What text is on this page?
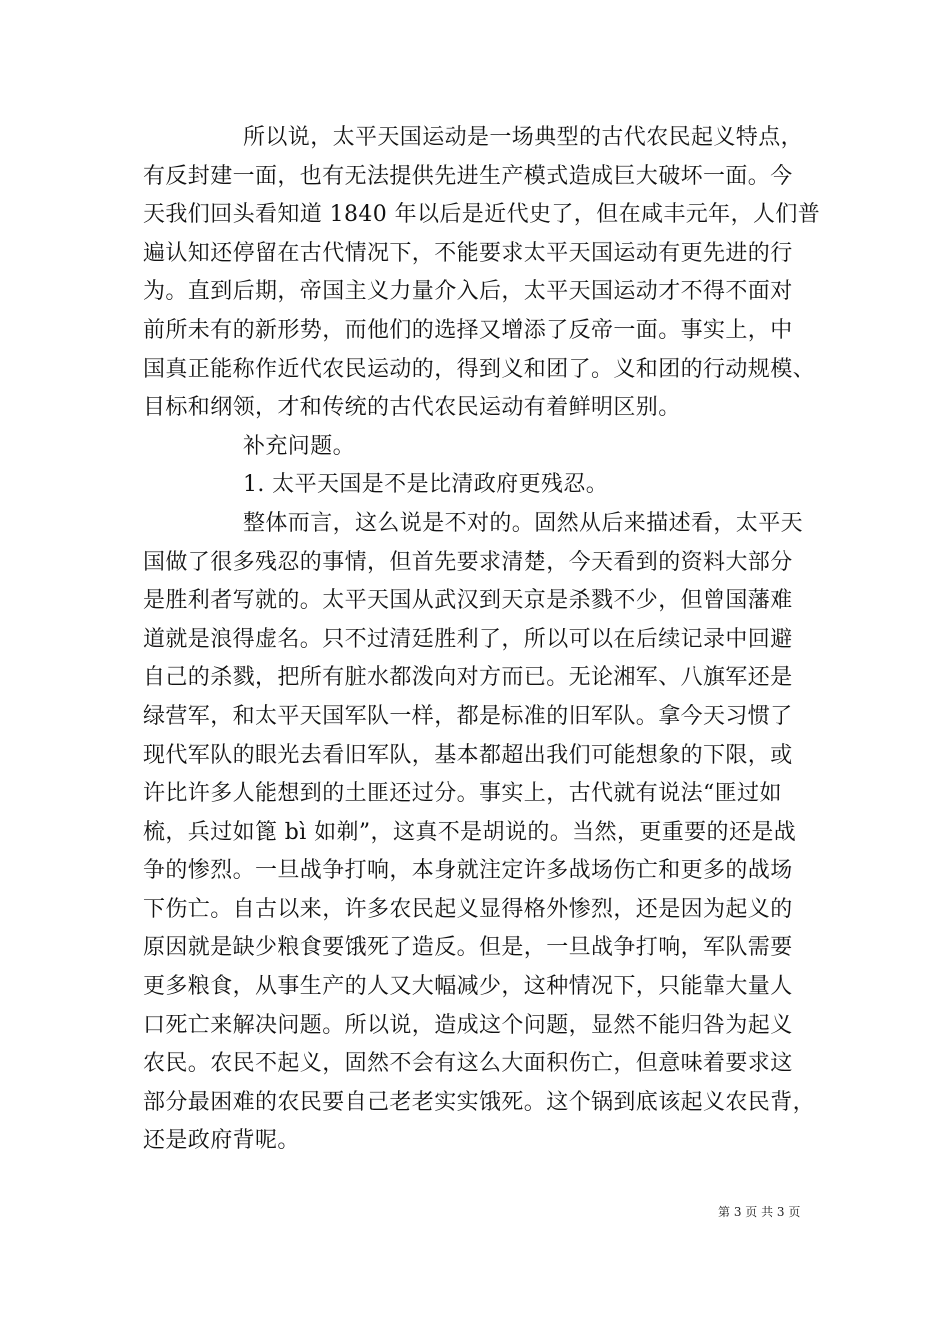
所以说，太平天国运动是一场典型的古代农民起义特点，
有反封建一面，也有无法提供先进生产模式造成巨大破坏一面。今
天我们回头看知道 1840 年以后是近代史了，但在咸丰元年，人们普
遍认知还停留在古代情况下，不能要求太平天国运动有更先进的行
为。直到后期，帝国主义力量介入后，太平天国运动才不得不面对
前所未有的新形势，而他们的选择又增添了反帝一面。事实上，中
国真正能称作近代农民运动的，得到义和团了。义和团的行动规模、
目标和纲领，才和传统的古代农民运动有着鲜明区别。
补充问题。
1. 太平天国是不是比清政府更残忍。
整体而言，这么说是不对的。固然从后来描述看，太平天
国做了很多残忍的事情，但首先要求清楚，今天看到的资料大部分
是胜利者写就的。太平天国从武汉到天京是杀戮不少，但曾国藩难
道就是浪得虚名。只不过清廷胜利了，所以可以在后续记录中回避
自己的杀戮，把所有脏水都泼向对方而已。无论湘军、八旗军还是
绿营军，和太平天国军队一样，都是标准的旧军队。拿今天习惯了
现代军队的眼光去看旧军队，基本都超出我们可能想象的下限，或
许比许多人能想到的土匪还过分。事实上，古代就有说法“匪过如
梳，兵过如篦 bì 如剃”，这真不是胡说的。当然，更重要的还是战
争的惨烈。一旦战争打响，本身就注定许多战场伤亡和更多的战场
下伤亡。自古以来，许多农民起义显得格外惨烈，还是因为起义的
原因就是缺少粮食要饿死了造反。但是，一旦战争打响，军队需要
更多粮食，从事生产的人又大幅减少，这种情况下，只能靠大量人
口死亡来解决问题。所以说，造成这个问题，显然不能归咎为起义
农民。农民不起义，固然不会有这么大面积伤亡，但意味着要求这
部分最困难的农民要自己老老实实饿死。这个锅到底该起义农民背，
还是政府背呢。
第 3 页 共 3 页
